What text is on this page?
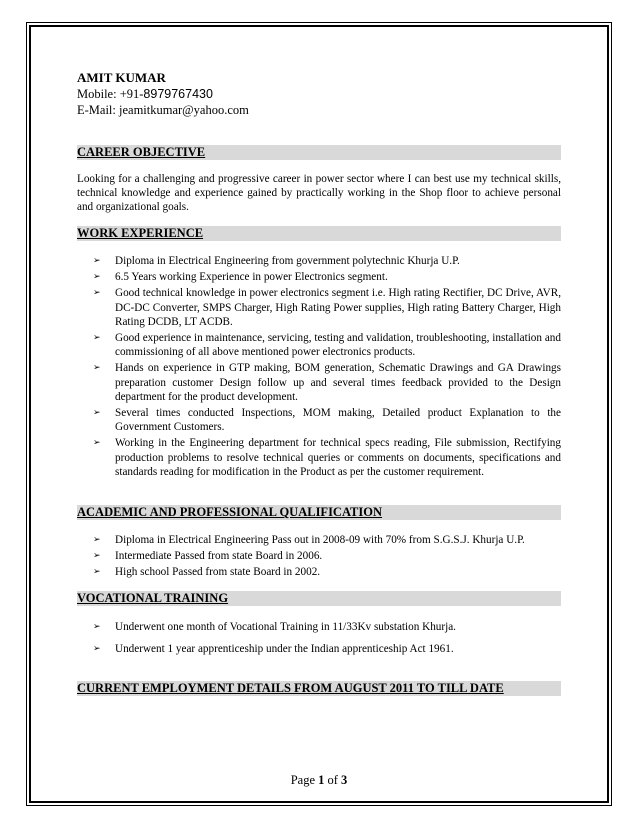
AMIT KUMAR
Mobile: +91-8979767430
E-Mail: jeamitkumar@yahoo.com
CAREER OBJECTIVE
Looking for a challenging and progressive career in power sector where I can best use my technical skills, technical knowledge and experience gained by practically working in the Shop floor to achieve personal and organizational goals.
WORK EXPERIENCE
➢ Diploma in Electrical Engineering from government polytechnic Khurja U.P.
➢ 6.5 Years working Experience in power Electronics segment.
➢ Good technical knowledge in power electronics segment i.e. High rating Rectifier, DC Drive, AVR, DC-DC Converter, SMPS Charger, High Rating Power supplies, High rating Battery Charger, High Rating DCDB, LT ACDB.
➢ Good experience in maintenance, servicing, testing and validation, troubleshooting, installation and commissioning of all above mentioned power electronics products.
➢ Hands on experience in GTP making, BOM generation, Schematic Drawings and GA Drawings preparation customer Design follow up and several times feedback provided to the Design department for the product development.
➢ Several times conducted Inspections, MOM making, Detailed product Explanation to the Government Customers.
➢ Working in the Engineering department for technical specs reading, File submission, Rectifying production problems to resolve technical queries or comments on documents, specifications and standards reading for modification in the Product as per the customer requirement.
ACADEMIC AND PROFESSIONAL QUALIFICATION
➢ Diploma in Electrical Engineering Pass out in 2008-09 with 70% from S.G.S.J. Khurja U.P.
➢ Intermediate Passed from state Board in 2006.
➢ High school Passed from state Board in 2002.
VOCATIONAL TRAINING
➢ Underwent one month of Vocational Training in 11/33Kv substation Khurja.
➢ Underwent 1 year apprenticeship under the Indian apprenticeship Act 1961.
CURRENT EMPLOYMENT DETAILS FROM AUGUST 2011 TO TILL DATE
Page 1 of 3
